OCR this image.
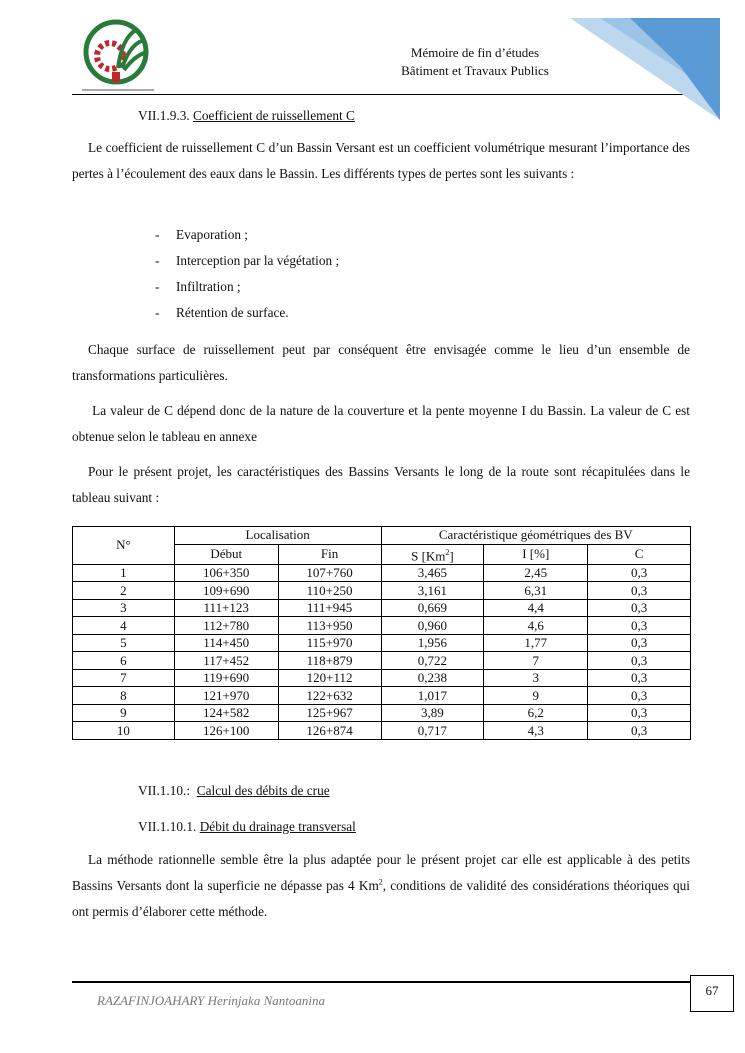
Mémoire de fin d’études
Bâtiment et Travaux Publics
VII.1.9.3. Coefficient de ruissellement C
Le coefficient de ruissellement C d’un Bassin Versant est un coefficient volumétrique mesurant l’importance des pertes à l’écoulement des eaux dans le Bassin. Les différents types de pertes sont les suivants :
- Evaporation ;
- Interception par la végétation ;
- Infiltration ;
- Rétention de surface.
Chaque surface de ruissellement peut par conséquent être envisagée comme le lieu d’un ensemble de transformations particulières.
La valeur de C dépend donc de la nature de la couverture et la pente moyenne I du Bassin. La valeur de C est obtenue selon le tableau en annexe
Pour le présent projet, les caractéristiques des Bassins Versants le long de la route sont récapitulées dans le tableau suivant :
N°	Localisation		Caractéristique géométriques des BV		
	Début	Fin	S [Km$^2$]	I [%]	C
1	106+350	107+760	3,465	2,45	0,3
2	109+690	110+250	3,161	6,31	0,3
3	111+123	111+945	0,669	4,4	0,3
4	112+780	113+950	0,960	4,6	0,3
5	114+450	115+970	1,956	1,77	0,3
6	117+452	118+879	0,722	7	0,3
7	119+690	120+112	0,238	3	0,3
8	121+970	122+632	1,017	9	0,3
9	124+582	125+967	3,89	6,2	0,3
10	126+100	126+874	0,717	4,3	0,3
VII.1.10.: Calcul des débits de crue
VII.1.10.1. Débit du drainage transversal
La méthode rationnelle semble être la plus adaptée pour le présent projet car elle est applicable à des petits Bassins Versants dont la superficie ne dépasse pas 4 Km$^2$, conditions de validité des considérations théoriques qui ont permis d’élaborer cette méthode.
RAZAFINJOAHARY Herinjaka Nantoanina
67
